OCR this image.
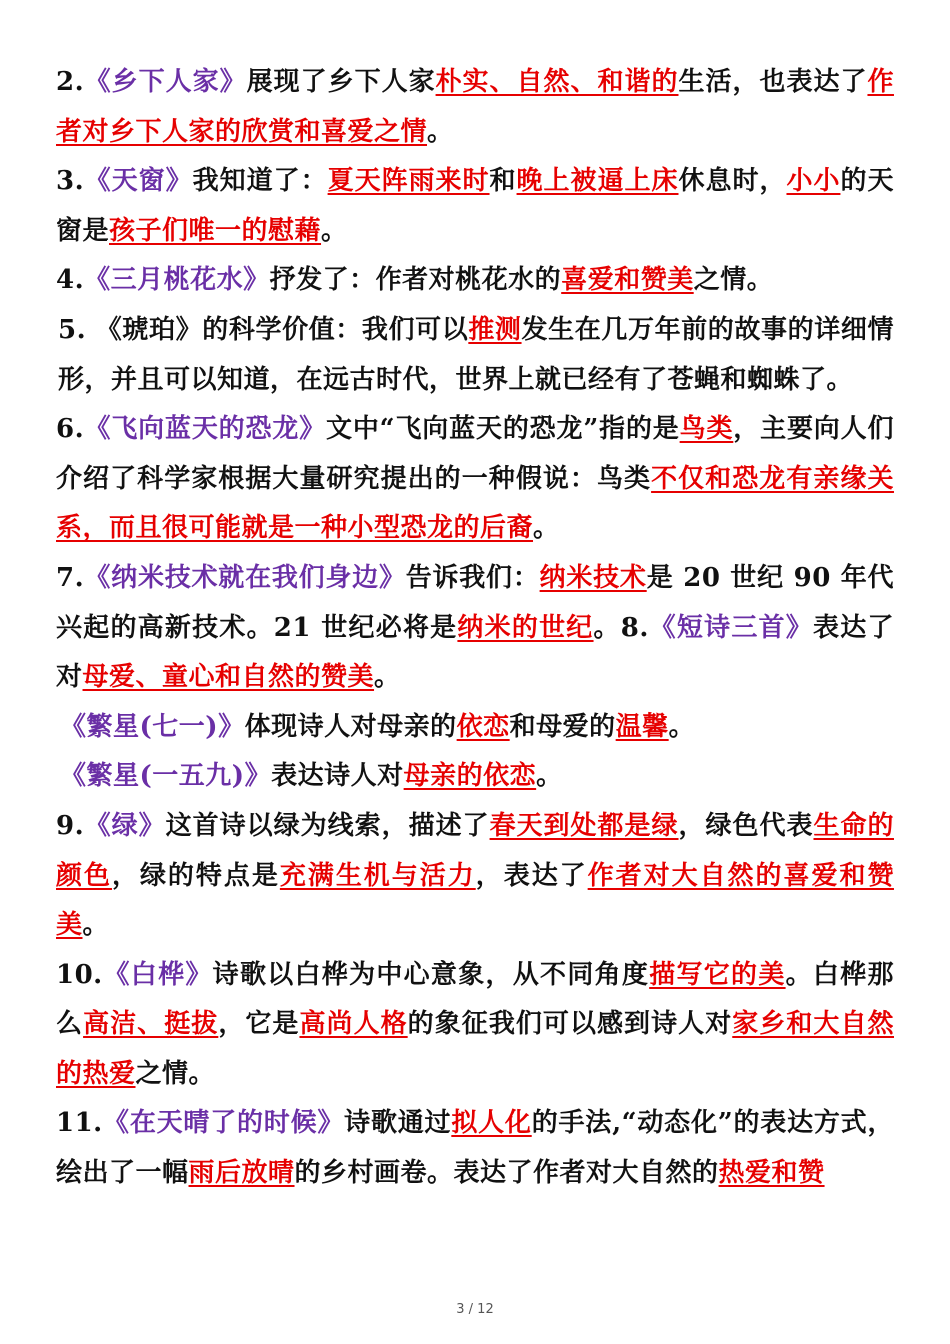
2.《乡下人家》展现了乡下人家朴实、自然、和谐的生活，也表达了作者对乡下人家的欣赏和喜爱之情。

3.《天窗》我知道了：夏天阵雨来时和晚上被逼上床休息时，小小的天窗是孩子们唯一的慰藉。

4.《三月桃花水》抒发了：作者对桃花水的喜爱和赞美之情。

5. 《琥珀》的科学价值：我们可以推测发生在几万年前的故事的详细情形，并且可以知道，在远古时代，世界上就已经有了苍蝇和蜘蛛了。

6.《飞向蓝天的恐龙》文中“飞向蓝天的恐龙”指的是鸟类，主要向人们介绍了科学家根据大量研究提出的一种假说：鸟类不仅和恐龙有亲缘关系，而且很可能就是一种小型恐龙的后裔。

7.《纳米技术就在我们身边》告诉我们：纳米技术是 20 世纪 90 年代兴起的高新技术。21 世纪必将是纳米的世纪。8.《短诗三首》表达了对母爱、童心和自然的赞美。

《繁星(七一)》体现诗人对母亲的依恋和母爱的温馨。

《繁星(一五九)》表达诗人对母亲的依恋。

9.《绿》这首诗以绿为线索，描述了春天到处都是绿，绿色代表生命的颜色，绿的特点是充满生机与活力，表达了作者对大自然的喜爱和赞美。

10.《白桦》诗歌以白桦为中心意象，从不同角度描写它的美。白桦那么高洁、挺拔，它是高尚人格的象征我们可以感到诗人对家乡和大自然的热爱之情。

11.《在天晴了的时候》诗歌通过拟人化的手法,“动态化”的表达方式，绘出了一幅雨后放晴的乡村画卷。表达了作者对大自然的热爱和赞

3 / 12
